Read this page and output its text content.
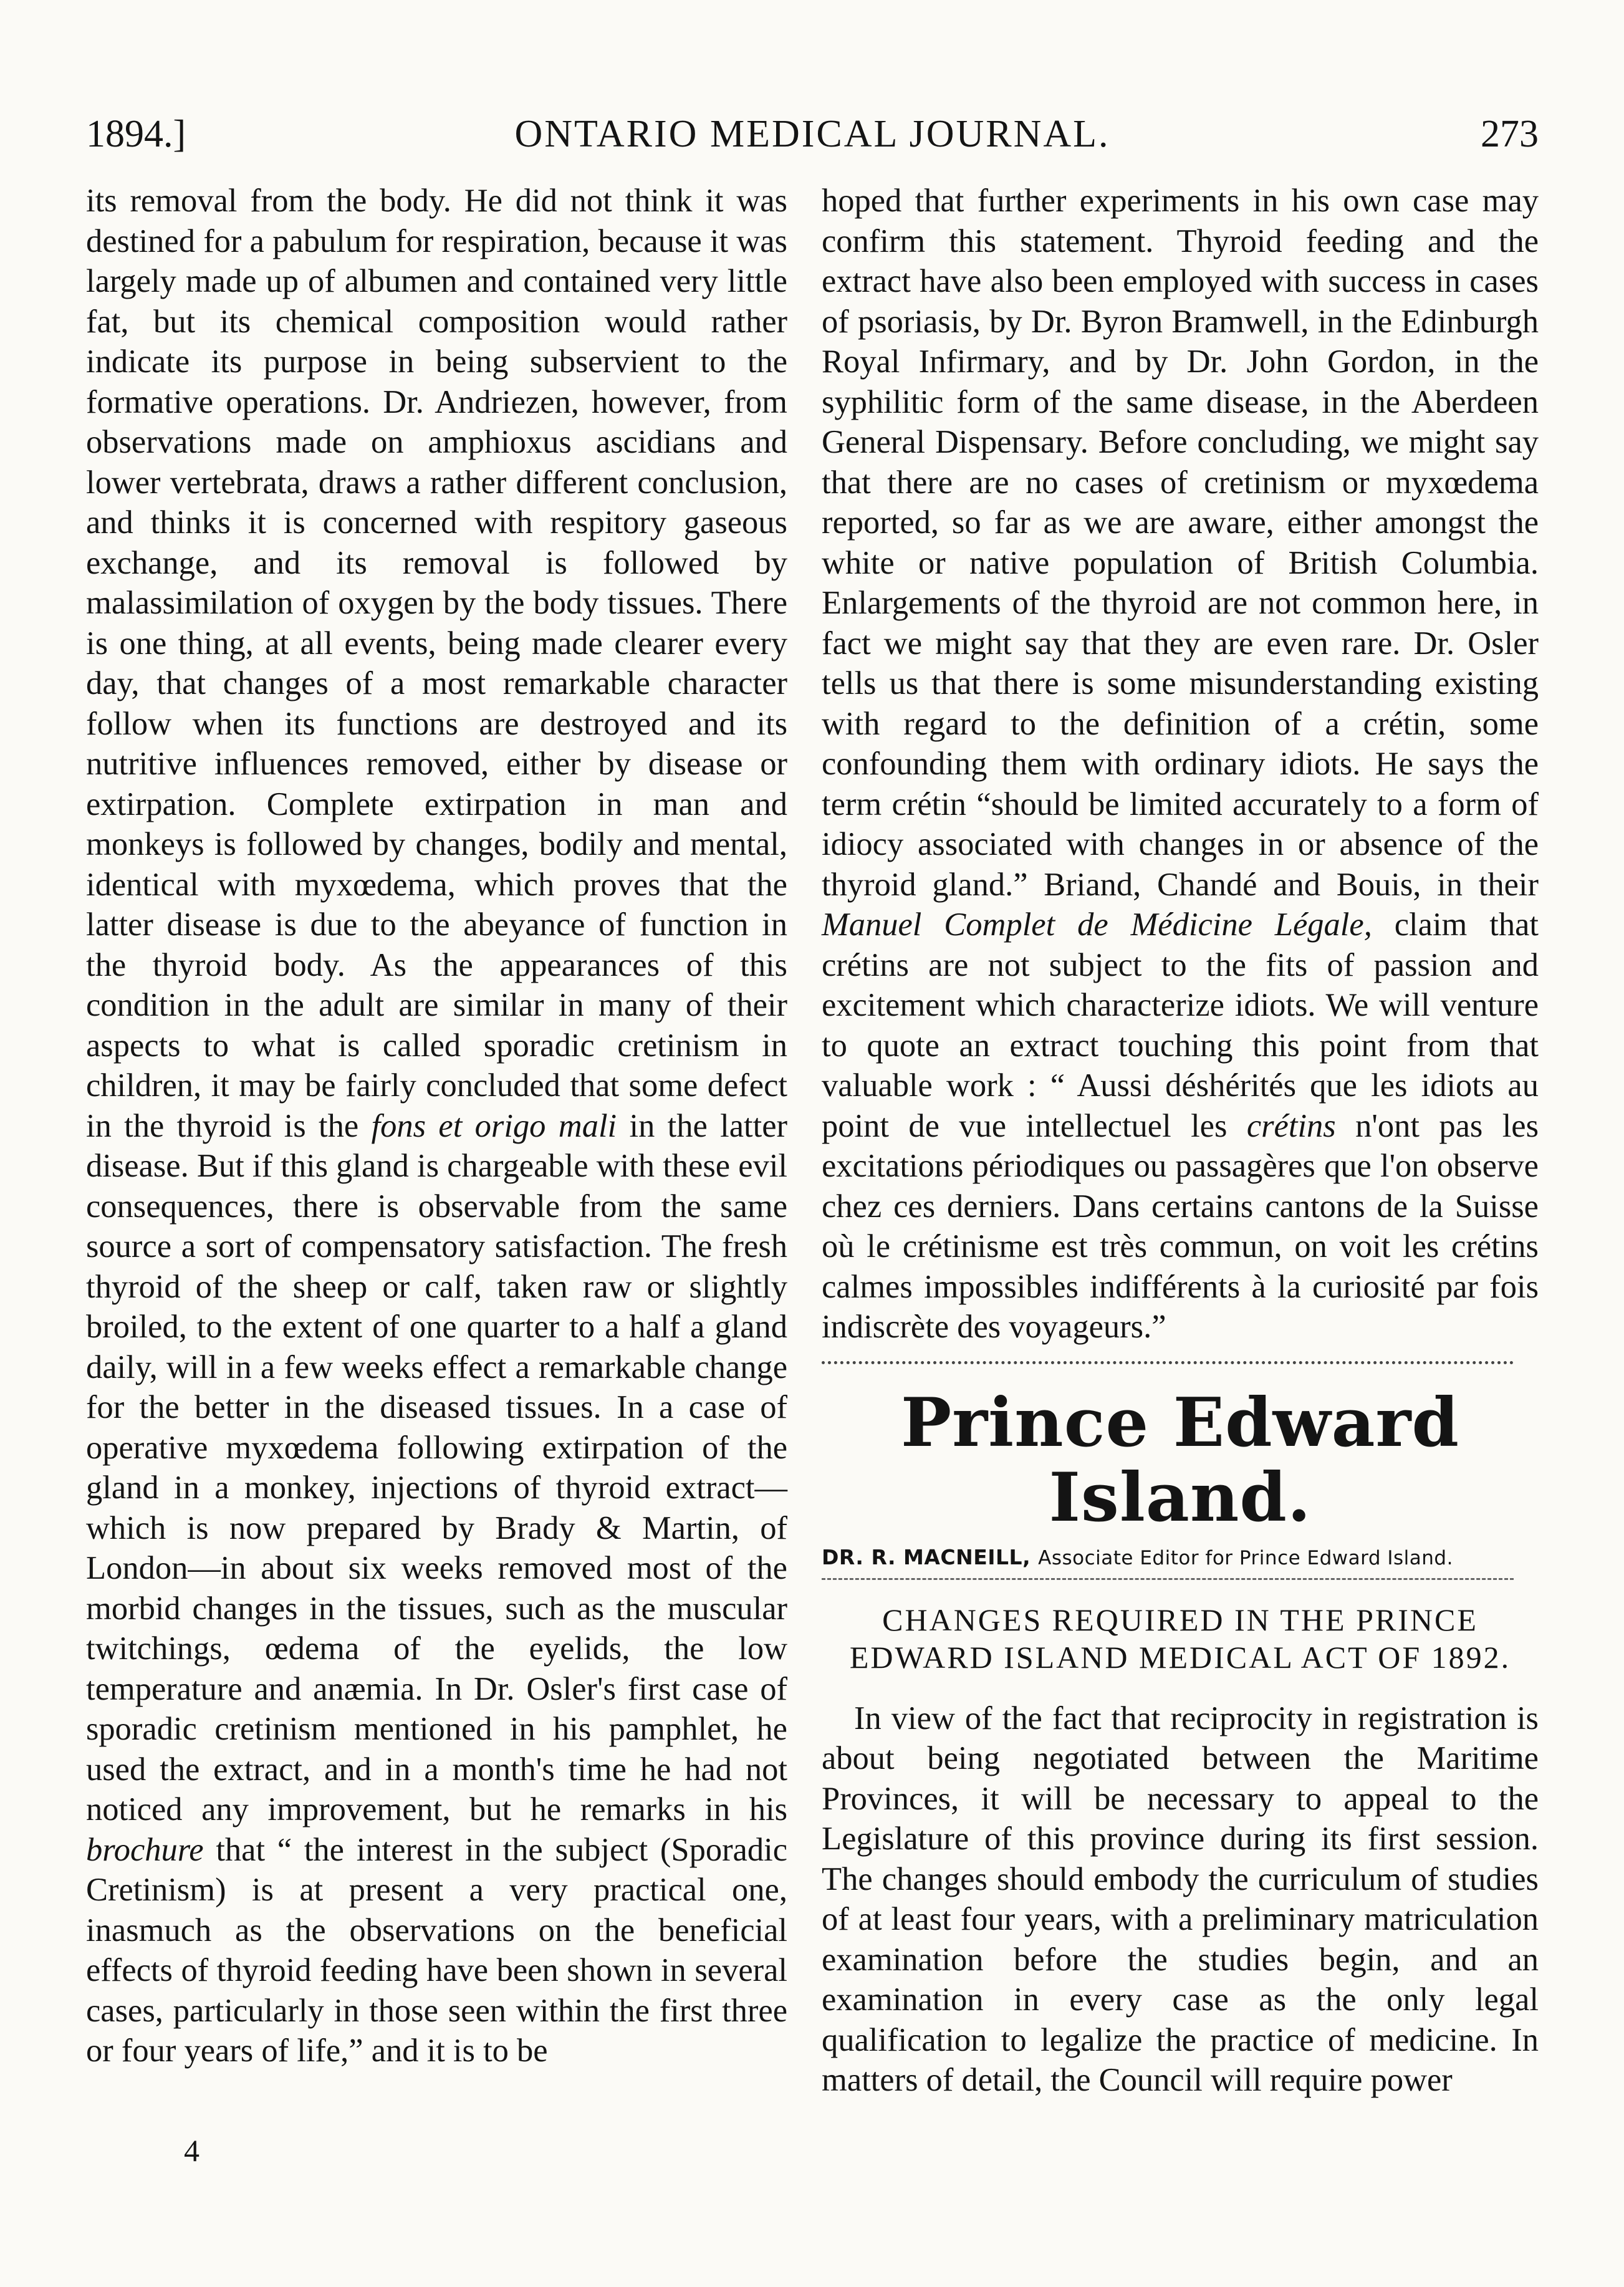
1894.]	ONTARIO MEDICAL JOURNAL.	273

its removal from the body. He did not think it was destined for a pabulum for respiration, because it was largely made up of albumen and contained very little fat, but its chemical composition would rather indicate its purpose in being subservient to the formative operations. Dr. Andriezen, however, from observations made on amphioxus ascidians and lower vertebrata, draws a rather different conclusion, and thinks it is concerned with respitory gaseous exchange, and its removal is followed by malassimilation of oxygen by the body tissues. There is one thing, at all events, being made clearer every day, that changes of a most remarkable character follow when its functions are destroyed and its nutritive influences removed, either by disease or extirpation. Complete extirpation in man and monkeys is followed by changes, bodily and mental, identical with myxœdema, which proves that the latter disease is due to the abeyance of function in the thyroid body. As the appearances of this condition in the adult are similar in many of their aspects to what is called sporadic cretinism in children, it may be fairly concluded that some defect in the thyroid is the fons et origo mali in the latter disease. But if this gland is chargeable with these evil consequences, there is observable from the same source a sort of compensatory satisfaction. The fresh thyroid of the sheep or calf, taken raw or slightly broiled, to the extent of one quarter to a half a gland daily, will in a few weeks effect a remarkable change for the better in the diseased tissues. In a case of operative myxœdema following extirpation of the gland in a monkey, injections of thyroid extract—which is now prepared by Brady & Martin, of London—in about six weeks removed most of the morbid changes in the tissues, such as the muscular twitchings, œdema of the eyelids, the low temperature and anæmia. In Dr. Osler's first case of sporadic cretinism mentioned in his pamphlet, he used the extract, and in a month's time he had not noticed any improvement, but he remarks in his brochure that “ the interest in the subject (Sporadic Cretinism) is at present a very practical one, inasmuch as the observations on the beneficial effects of thyroid feeding have been shown in several cases, particularly in those seen within the first three or four years of life,” and it is to be

4

hoped that further experiments in his own case may confirm this statement. Thyroid feeding and the extract have also been employed with success in cases of psoriasis, by Dr. Byron Bramwell, in the Edinburgh Royal Infirmary, and by Dr. John Gordon, in the syphilitic form of the same disease, in the Aberdeen General Dispensary. Before concluding, we might say that there are no cases of cretinism or myxœdema reported, so far as we are aware, either amongst the white or native population of British Columbia. Enlargements of the thyroid are not common here, in fact we might say that they are even rare. Dr. Osler tells us that there is some misunderstanding existing with regard to the definition of a crétin, some confounding them with ordinary idiots. He says the term crétin “should be limited accurately to a form of idiocy associated with changes in or absence of the thyroid gland.” Briand, Chandé and Bouis, in their Manuel Complet de Médicine Légale, claim that crétins are not subject to the fits of passion and excitement which characterize idiots. We will venture to quote an extract touching this point from that valuable work : “ Aussi déshérités que les idiots au point de vue intellectuel les crétins n'ont pas les excitations périodiques ou passagères que l'on observe chez ces derniers. Dans certains cantons de la Suisse où le crétinisme est très commun, on voit les crétins calmes impossibles indifférents à la curiosité par fois indiscrète des voyageurs.”

Prince Edward Island.
DR. R. MACNEILL, Associate Editor for Prince Edward Island.
CHANGES REQUIRED IN THE PRINCE EDWARD ISLAND MEDICAL ACT OF 1892.

In view of the fact that reciprocity in registration is about being negotiated between the Maritime Provinces, it will be necessary to appeal to the Legislature of this province during its first session. The changes should embody the curriculum of studies of at least four years, with a preliminary matriculation examination before the studies begin, and an examination in every case as the only legal qualification to legalize the practice of medicine. In matters of detail, the Council will require power
